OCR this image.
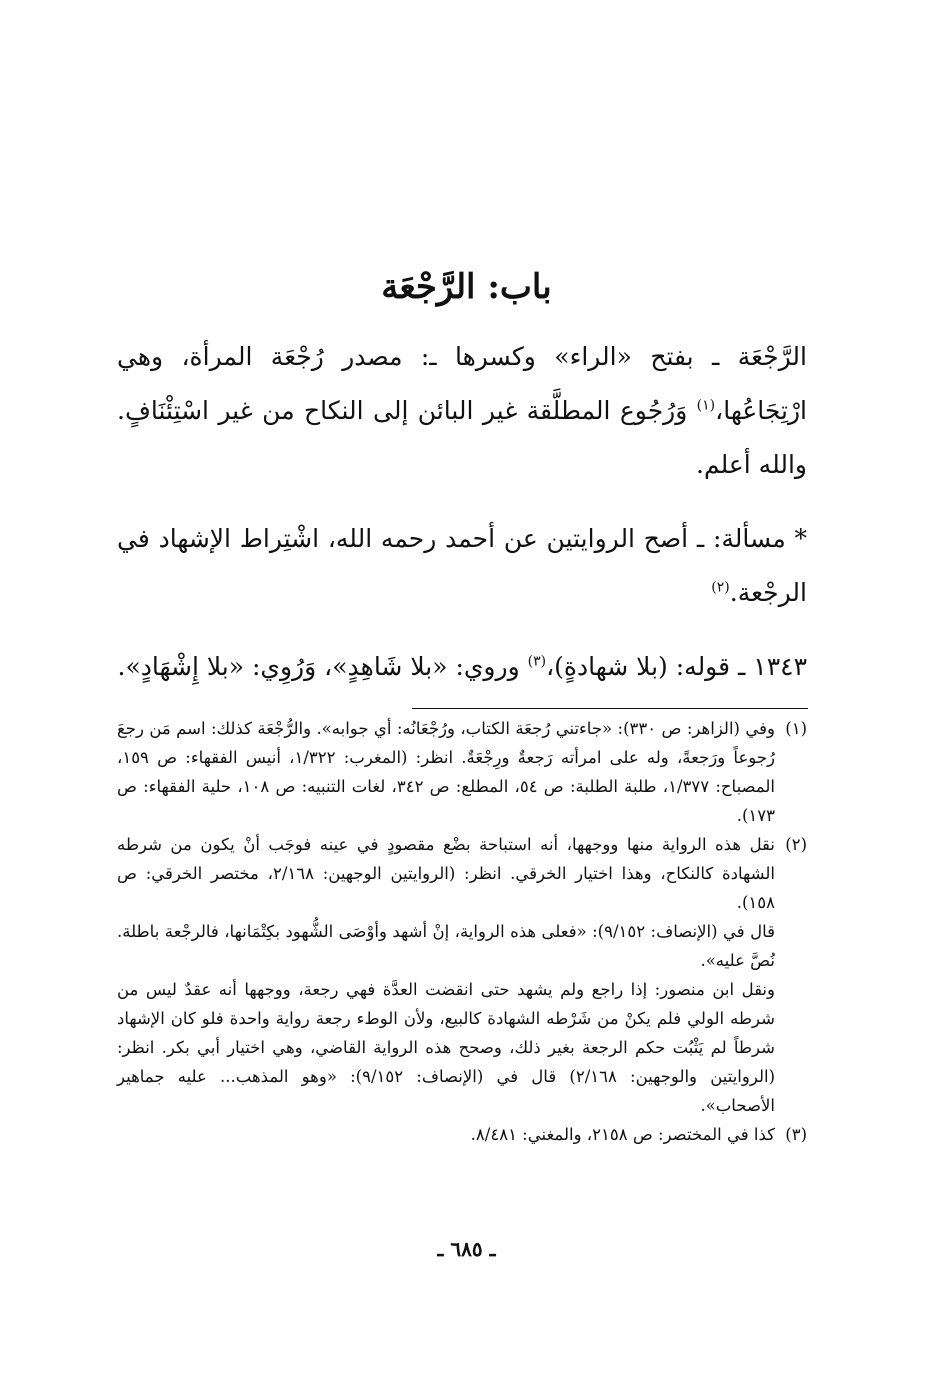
باب: الرَّجْعَة

الرَّجْعَة ـ بفتح «الراء» وكسرها ـ: مصدر رُجْعَة المرأة، وهي ارْتِجَاعُها،$^{(١)}$ وَرُجُوع المطلَّقة غير البائن إلى النكاح من غير اسْتِئْنَافٍ. والله أعلم.

* مسألة: ـ أصح الروايتين عن أحمد رحمه الله، اشْتِراط الإشهاد في الرجْعة.$^{(٢)}$

١٣٤٣ ـ قوله: (بلا شهادةٍ)،$^{(٣)}$ وروي: «بلا شَاهِدٍ»، وَرُوِي: «بلا إِشْهَادٍ».

(١)
وفي (الزاهر: ص ٣٣٠): «جاءتني رُجعَة الكتاب، ورُجْعَانُه: أي جوابه». والرُّجْعَة كذلك: اسم مَن رجعَ رُجوعاً ورَجعةً، وله على امرأته رَجعةٌ ورِجْعَةٌ. انظر: (المغرب: ١/٣٢٢، أنيس الفقهاء: ص ١٥٩، المصباح: ١/٣٧٧، طلبة الطلبة: ص ٥٤، المطلع: ص ٣٤٢، لغات التنبيه: ص ١٠٨، حلية الفقهاء: ص ١٧٣).

(٢)
نقل هذه الرواية منها ووجهها، أنه استباحة بضْع مقصودٍ في عينه فوجَب أنْ يكون من شرطه الشهادة كالنكاح، وهذا اختيار الخرقي. انظر: (الروايتين الوجهين: ٢/١٦٨، مختصر الخرقي: ص ١٥٨).

قال في (الإنصاف: ٩/١٥٢): «فعلى هذه الرواية، إنْ أشهد وأوْصَى الشُّهود بكِتْمَانها، فالرجْعة باطلة. نُصَّ عليه».

ونقل ابن منصور: إذا راجع ولم يشهد حتى انقضت العدَّة فهي رجعة، ووجهها أنه عقدٌ ليس من شرطه الولي فلم يكنْ من شَرْطه الشهادة كالبيع، ولأن الوطء رجعة رواية واحدة فلو كان الإشهاد شرطاً لم يَثْبُت حكم الرجعة بغير ذلك، وصحح هذه الرواية القاضي، وهي اختيار أبي بكر. انظر: (الروايتين والوجهين: ٢/١٦٨) قال في (الإنصاف: ٩/١٥٢): «وهو المذهب... عليه جماهير الأصحاب».

(٣)
كذا في المختصر: ص ٢١٥٨، والمغني: ٨/٤٨١.

ـ ٦٨٥ ـ
